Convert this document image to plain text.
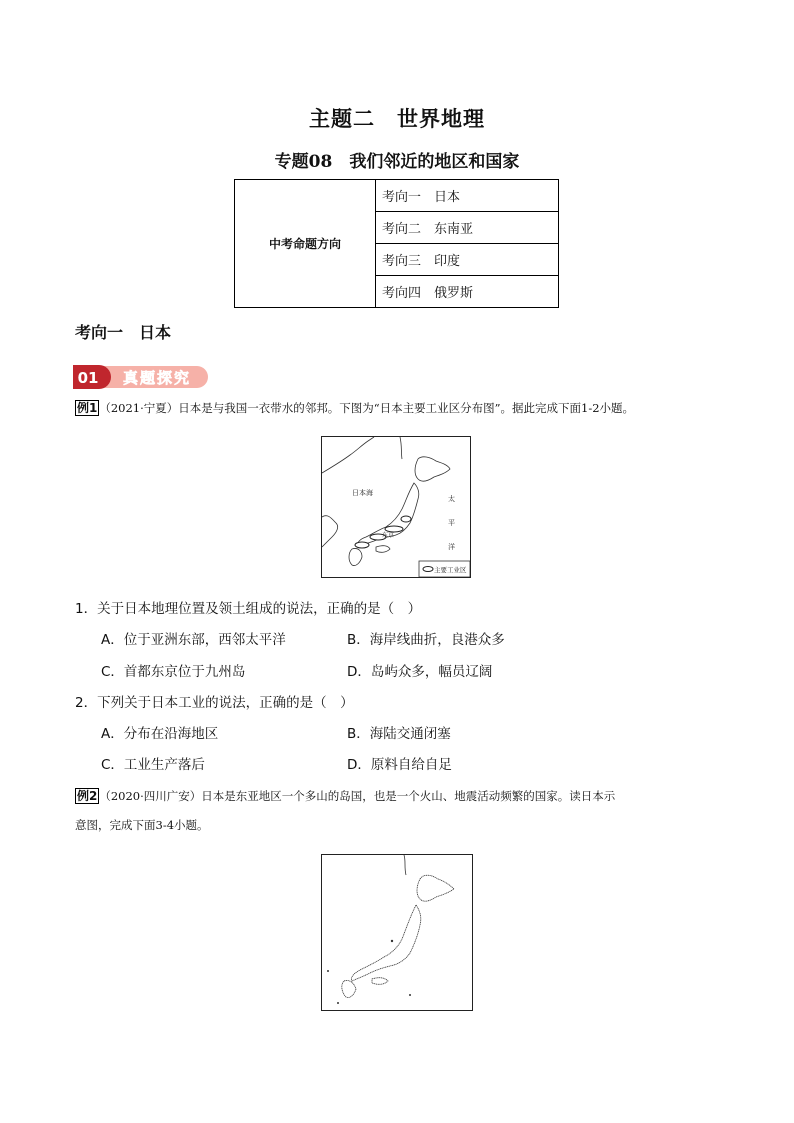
主题二　世界地理
专题08　我们邻近的地区和国家
中考命题方向	考向一　日本
考向二　东南亚
考向三　印度
考向四　俄罗斯
考向一　日本
01 真题探究
例1 （2021·宁夏）日本是与我国一衣带水的邻邦。下图为“日本主要工业区分布图”。据此完成下面1-2小题。
日本海
太
平
洋
东京
主要工业区
1．关于日本地理位置及领土组成的说法，正确的是（　）
A．位于亚洲东部，西邻太平洋	B．海岸线曲折，良港众多
C．首都东京位于九州岛	D．岛屿众多，幅员辽阔
2．下列关于日本工业的说法，正确的是（　）
A．分布在沿海地区	B．海陆交通闭塞
C．工业生产落后	D．原料自给自足
例2 （2020·四川广安）日本是东亚地区一个多山的岛国，也是一个火山、地震活动频繁的国家。读日本示
意图，完成下面3-4小题。
